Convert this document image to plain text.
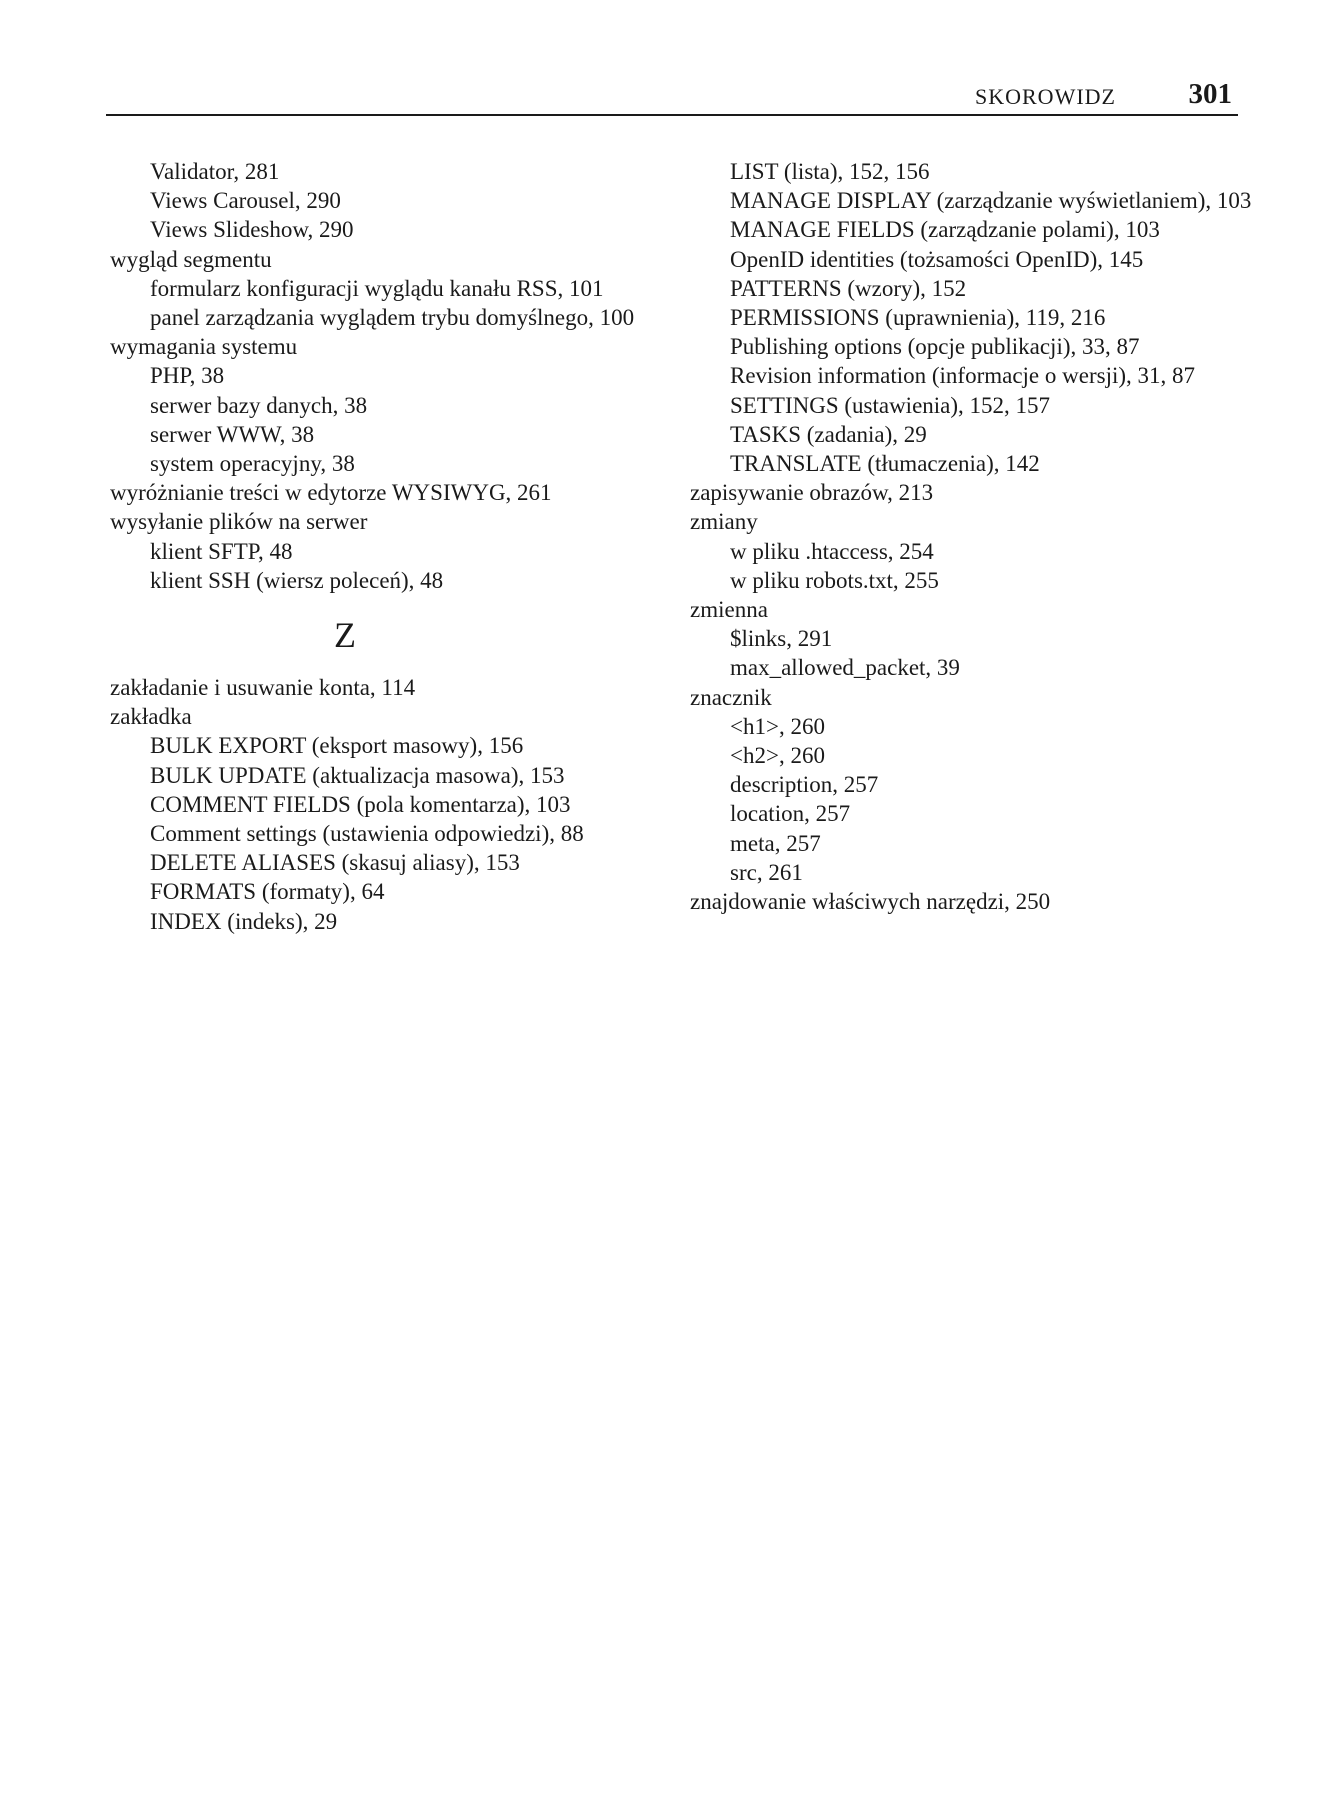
SKOROWIDZ	301
Validator, 281
Views Carousel, 290
Views Slideshow, 290
wygląd segmentu
formularz konfiguracji wyglądu kanału RSS, 101
panel zarządzania wyglądem trybu domyślnego, 100
wymagania systemu
PHP, 38
serwer bazy danych, 38
serwer WWW, 38
system operacyjny, 38
wyróżnianie treści w edytorze WYSIWYG, 261
wysyłanie plików na serwer
klient SFTP, 48
klient SSH (wiersz poleceń), 48
Z
zakładanie i usuwanie konta, 114
zakładka
BULK EXPORT (eksport masowy), 156
BULK UPDATE (aktualizacja masowa), 153
COMMENT FIELDS (pola komentarza), 103
Comment settings (ustawienia odpowiedzi), 88
DELETE ALIASES (skasuj aliasy), 153
FORMATS (formaty), 64
INDEX (indeks), 29
LIST (lista), 152, 156
MANAGE DISPLAY (zarządzanie wyświetlaniem), 103
MANAGE FIELDS (zarządzanie polami), 103
OpenID identities (tożsamości OpenID), 145
PATTERNS (wzory), 152
PERMISSIONS (uprawnienia), 119, 216
Publishing options (opcje publikacji), 33, 87
Revision information (informacje o wersji), 31, 87
SETTINGS (ustawienia), 152, 157
TASKS (zadania), 29
TRANSLATE (tłumaczenia), 142
zapisywanie obrazów, 213
zmiany
w pliku .htaccess, 254
w pliku robots.txt, 255
zmienna
$links, 291
max_allowed_packet, 39
znacznik
<h1>, 260
<h2>, 260
description, 257
location, 257
meta, 257
src, 261
znajdowanie właściwych narzędzi, 250
